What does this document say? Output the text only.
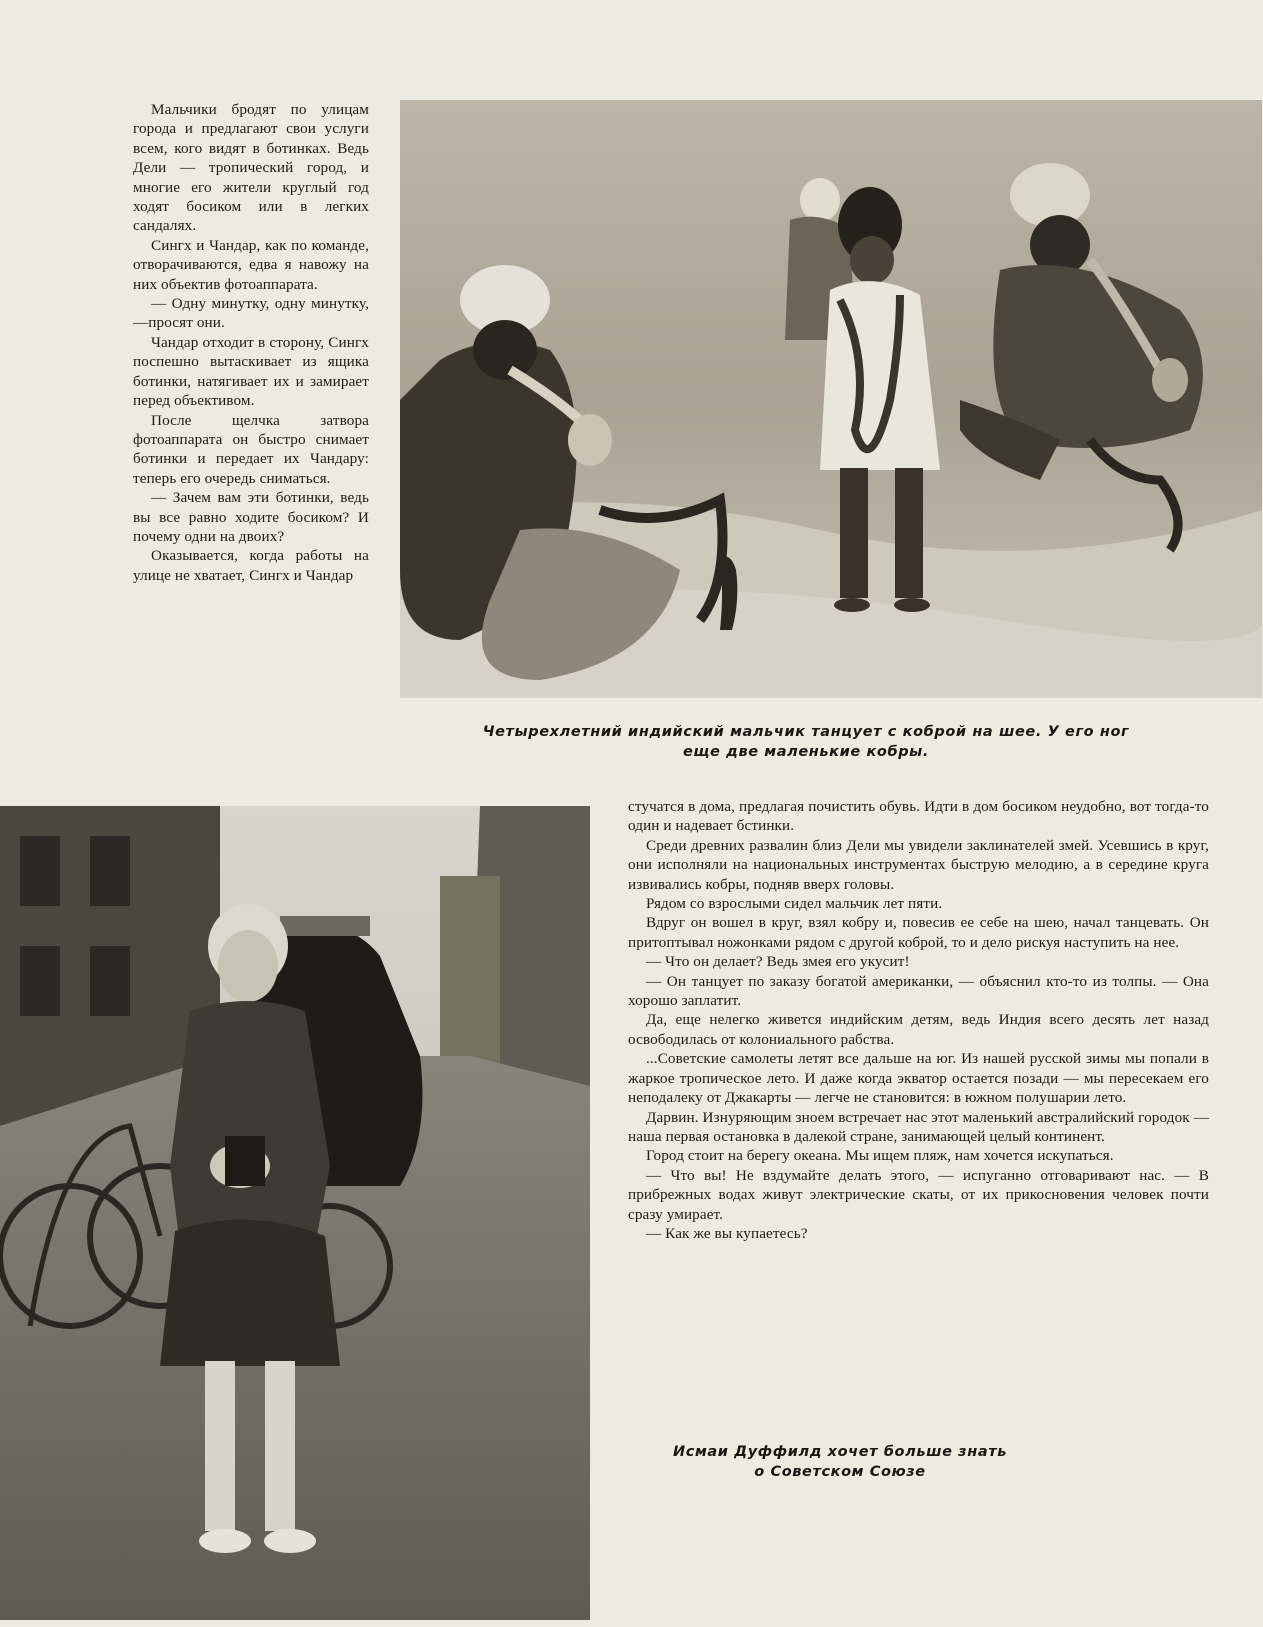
Мальчики бродят по улицам города и предлагают свои услуги всем, кого видят в ботинках. Ведь Дели — тропический город, и многие его жители круглый год ходят босиком или в легких сандалях.

Сингх и Чандар, как по команде, отворачиваются, едва я навожу на них объектив фотоаппарата.

— Одну минутку, одну минутку,—просят они.

Чандар отходит в сторону, Сингх поспешно вытаскивает из ящика ботинки, натягивает их и замирает перед объективом.

После щелчка затвора фотоаппарата он быстро снимает ботинки и передает их Чандару: теперь его очередь сниматься.

— Зачем вам эти ботинки, ведь вы все равно ходите босиком? И почему одни на двоих?

Оказывается, когда работы на улице не хватает, Сингх и Чандар

Четырехлетний индийский мальчик танцует с коброй на шее. У его ног
еще две маленькие кобры.

стучатся в дома, предлагая почистить обувь. Идти в дом босиком неудобно, вот тогда-то один и надевает бстинки.

Среди древних развалин близ Дели мы увидели заклинателей змей. Усевшись в круг, они исполняли на национальных инструментах быструю мелодию, а в середине круга извивались кобры, подняв вверх головы.

Рядом со взрослыми сидел мальчик лет пяти.

Вдруг он вошел в круг, взял кобру и, повесив ее себе на шею, начал танцевать. Он притоптывал ножонками рядом с другой коброй, то и дело рискуя наступить на нее.

— Что он делает? Ведь змея его укусит!

— Он танцует по заказу богатой американки, — объяснил кто-то из толпы. — Она хорошо заплатит.

Да, еще нелегко живется индийским детям, ведь Индия всего десять лет назад освободилась от колониального рабства.

...Советские самолеты летят все дальше на юг. Из нашей русской зимы мы попали в жаркое тропическое лето. И даже когда экватор остается позади — мы пересекаем его неподалеку от Джакарты — легче не становится: в южном полушарии лето.

Дарвин. Изнуряющим зноем встречает нас этот маленький австралийский городок — наша первая остановка в далекой стране, занимающей целый континент.

Город стоит на берегу океана. Мы ищем пляж, нам хочется искупаться.

— Что вы! Не вздумайте делать этого, — испуганно отговаривают нас. — В прибрежных водах живут электрические скаты, от их прикосновения человек почти сразу умирает.

— Как же вы купаетесь?

Исмаи Дуффилд хочет больше знать
о Советском Союзе
